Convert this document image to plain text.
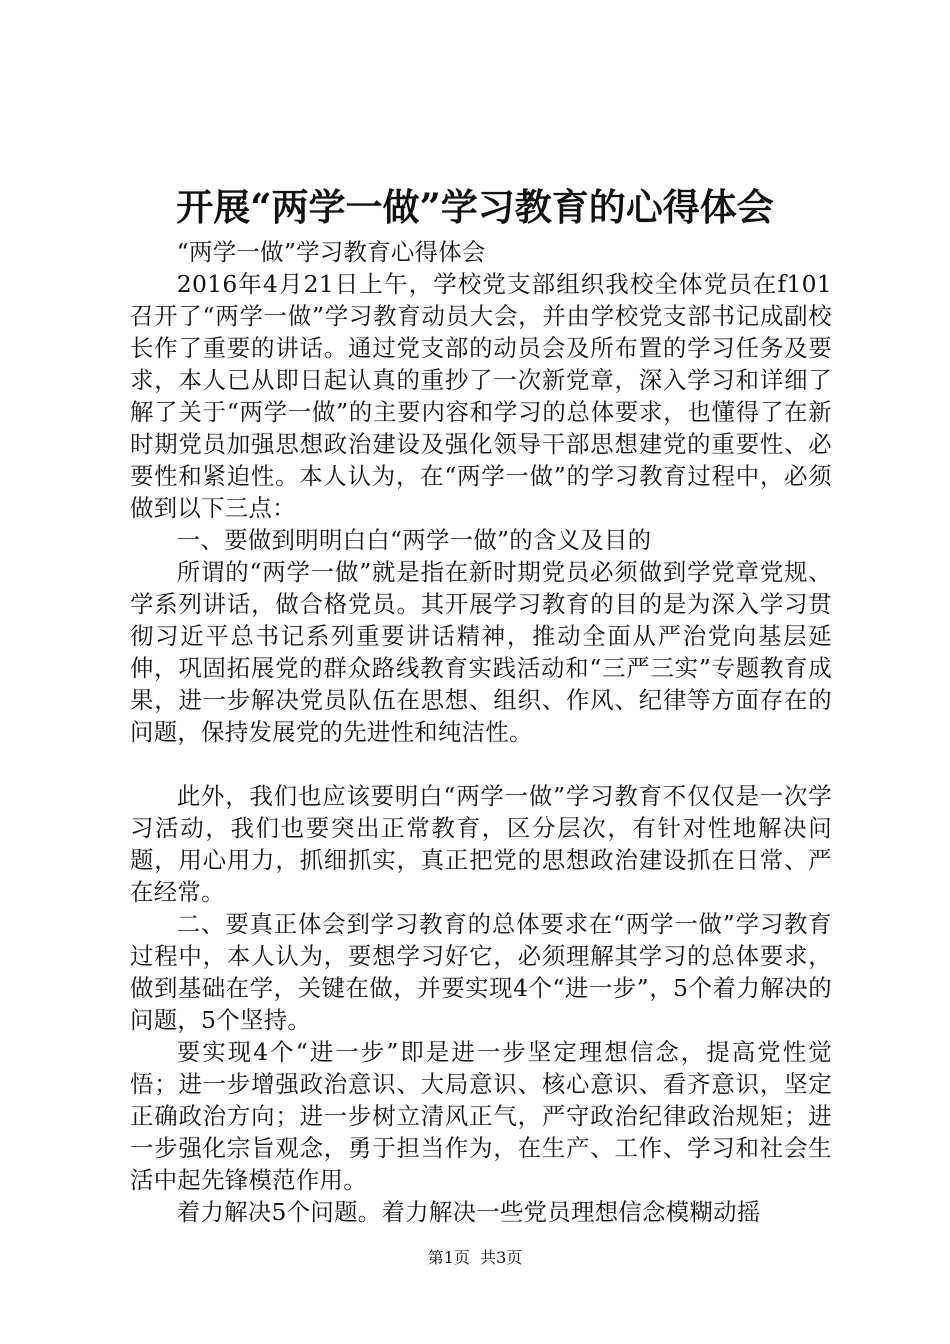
开展“两学一做”学习教育的心得体会

“两学一做”学习教育心得体会

2016年4月21日上午，学校党支部组织我校全体党员在f101召开了“两学一做”学习教育动员大会，并由学校党支部书记成副校长作了重要的讲话。通过党支部的动员会及所布置的学习任务及要求，本人已从即日起认真的重抄了一次新党章，深入学习和详细了解了关于“两学一做”的主要内容和学习的总体要求，也懂得了在新时期党员加强思想政治建设及强化领导干部思想建党的重要性、必要性和紧迫性。本人认为，在“两学一做”的学习教育过程中，必须做到以下三点：

一、要做到明明白白“两学一做”的含义及目的

所谓的“两学一做”就是指在新时期党员必须做到学党章党规、学系列讲话，做合格党员。其开展学习教育的目的是为深入学习贯彻习近平总书记系列重要讲话精神，推动全面从严治党向基层延伸，巩固拓展党的群众路线教育实践活动和“三严三实”专题教育成果，进一步解决党员队伍在思想、组织、作风、纪律等方面存在的问题，保持发展党的先进性和纯洁性。

此外，我们也应该要明白“两学一做”学习教育不仅仅是一次学习活动，我们也要突出正常教育，区分层次，有针对性地解决问题，用心用力，抓细抓实，真正把党的思想政治建设抓在日常、严在经常。

二、要真正体会到学习教育的总体要求在“两学一做”学习教育过程中，本人认为，要想学习好它，必须理解其学习的总体要求，做到基础在学，关键在做，并要实现4个“进一步”，5个着力解决的问题，5个坚持。

要实现4个“进一步”即是进一步坚定理想信念，提高党性觉悟；进一步增强政治意识、大局意识、核心意识、看齐意识，坚定正确政治方向；进一步树立清风正气，严守政治纪律政治规矩；进一步强化宗旨观念，勇于担当作为，在生产、工作、学习和社会生活中起先锋模范作用。

着力解决5个问题。着力解决一些党员理想信念模糊动摇

第1页  共3页
